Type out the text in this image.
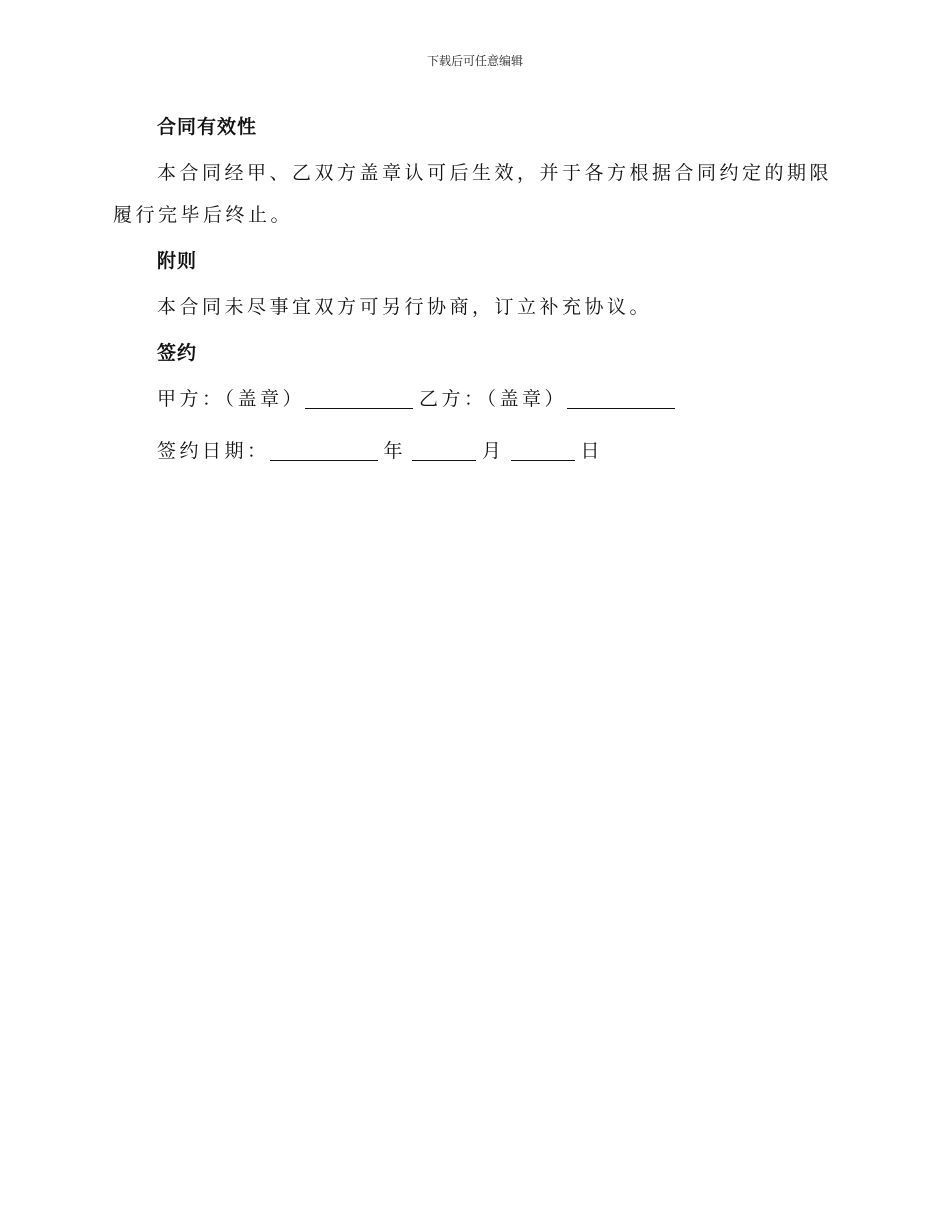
下载后可任意编辑
合同有效性

本合同经甲、乙双方盖章认可后生效，并于各方根据合同约定的期限履行完毕后终止。

附则

本合同未尽事宜双方可另行协商，订立补充协议。

签约
甲方：（盖章）	乙方：（盖章）
签约日期：	年	月	日
